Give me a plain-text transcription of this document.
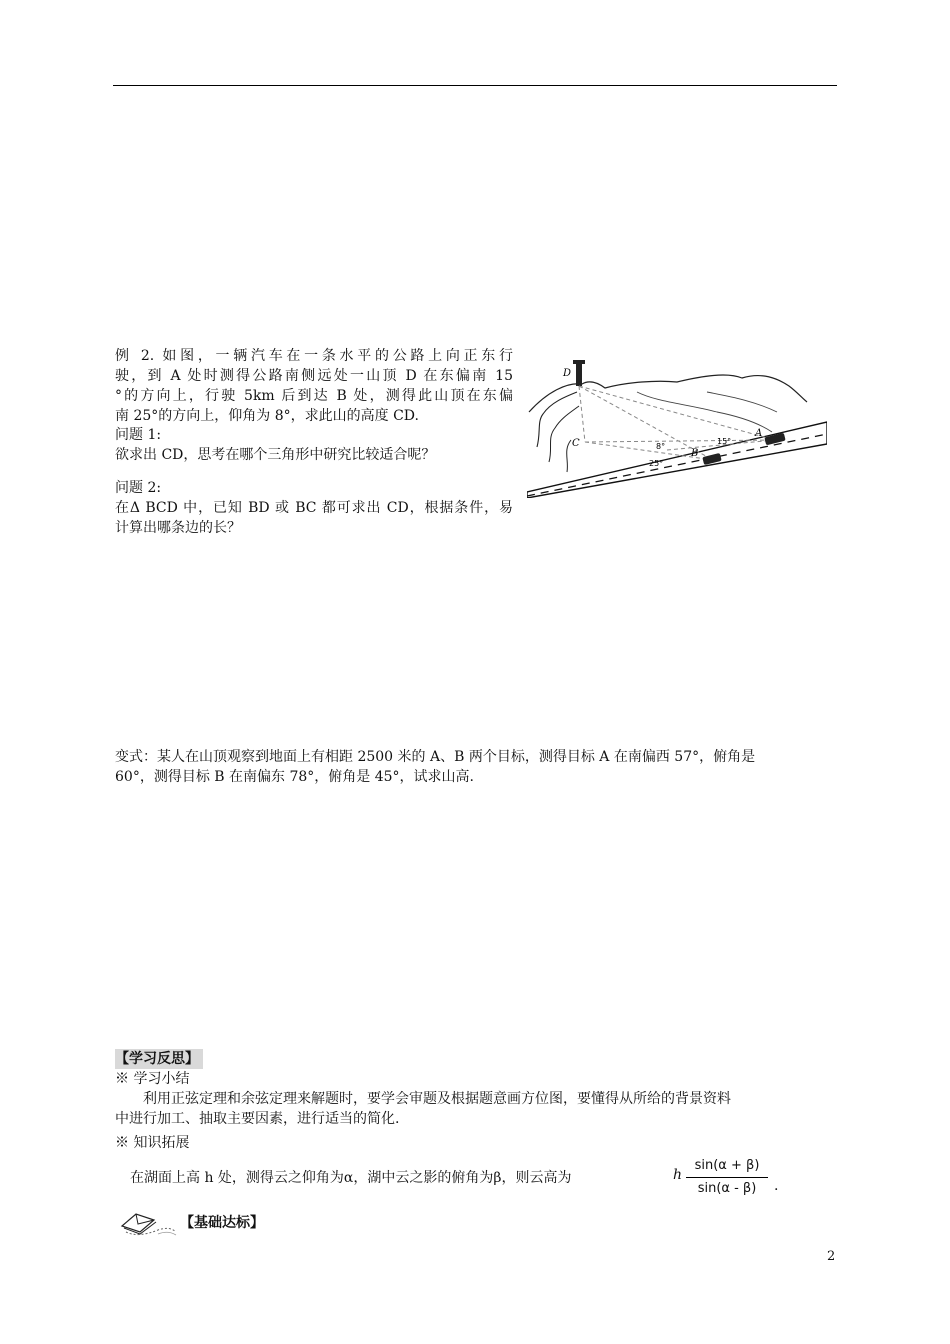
例 2. 如图，一辆汽车在一条水平的公路上向正东行
驶，到 A 处时测得公路南侧远处一山顶 D 在东偏南 15
°的方向上，行驶 5km 后到达 B 处，测得此山顶在东偏
南 25°的方向上，仰角为 8°，求此山的高度 CD.
问题 1:
欲求出 CD，思考在哪个三角形中研究比较适合呢？
问题 2:
在Δ BCD 中，已知 BD 或 BC 都可求出 CD，根据条件，易
计算出哪条边的长？
D
C
B
A
8°
25°
15°
变式：某人在山顶观察到地面上有相距 2500 米的 A、B 两个目标，测得目标 A 在南偏西 57°，俯角是
60°，测得目标 B 在南偏东 78°，俯角是 45°，试求山高.
【学习反思】
※ 学习小结
利用正弦定理和余弦定理来解题时，要学会审题及根据题意画方位图，要懂得从所给的背景资料
中进行加工、抽取主要因素，进行适当的简化.
※ 知识拓展
在湖面上高 h 处，测得云之仰角为α，湖中云之影的俯角为β，则云高为	h
sin(α + β)
sin(α - β)	.
【基础达标】
2
